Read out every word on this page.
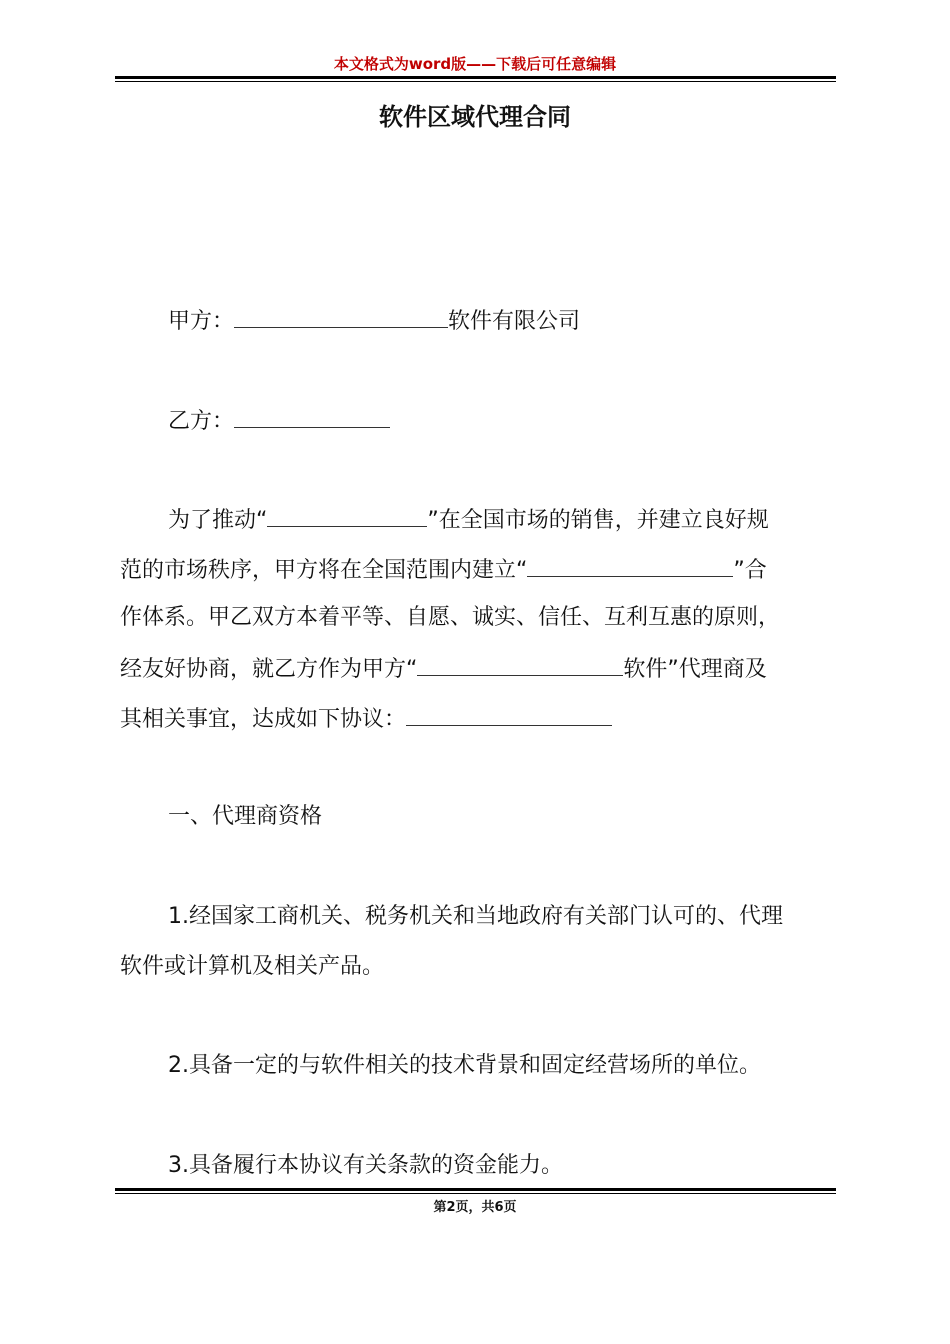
本文格式为word版——下载后可任意编辑
软件区域代理合同
甲方：	软件有限公司
乙方：
为了推动“	”在全国市场的销售，并建立良好规
范的市场秩序，甲方将在全国范围内建立“	”合
作体系。甲乙双方本着平等、自愿、诚实、信任、互利互惠的原则，
经友好协商，就乙方作为甲方“	软件”代理商及
其相关事宜，达成如下协议：
一、代理商资格
1.经国家工商机关、税务机关和当地政府有关部门认可的、代理
软件或计算机及相关产品。
2.具备一定的与软件相关的技术背景和固定经营场所的单位。
3.具备履行本协议有关条款的资金能力。
第2页，共6页
